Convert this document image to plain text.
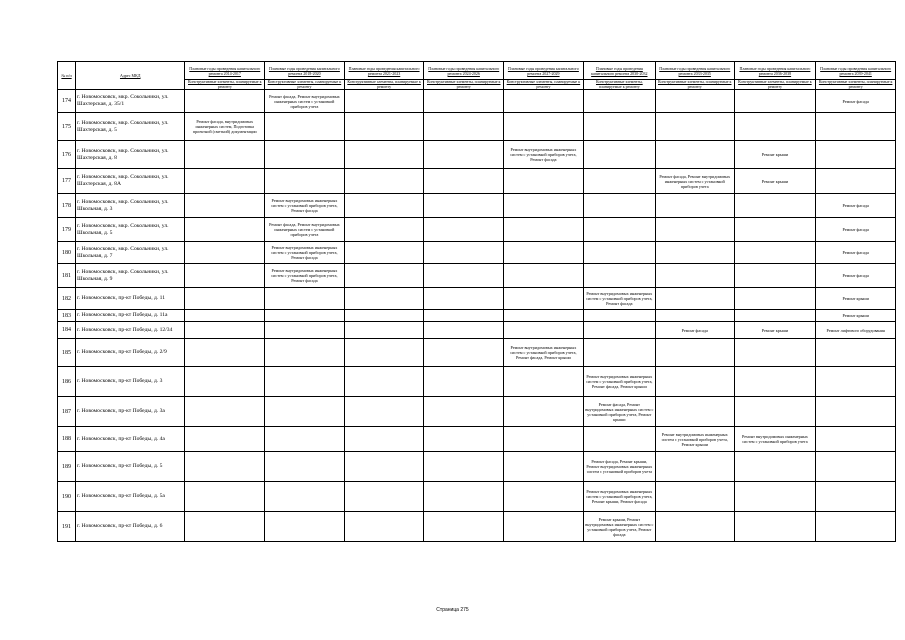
№ п/п	Адрес МКД	Плановые годы проведения капитального ремонта 2014-2017	Плановые годы проведения капитального ремонта 2018-2020	Плановые годы проведения капитального ремонта 2021-2023	Плановые годы проведения капитального ремонта 2024-2026	Плановые годы проведения капитального ремонта 2027-2029	Плановые годы проведения капитального ремонта 2030-2032	Плановые годы проведения капитального ремонта 2033-2035	Плановые годы проведения капитального ремонта 2036-2038	Плановые годы проведения капитального ремонта 2039-2041
		Конструктивные элементы, планируемые к ремонту	Конструктивные элементы, планируемые к ремонту	Конструктивные элементы, планируемые к ремонту	Конструктивные элементы, планируемые к ремонту	Конструктивные элементы, планируемые к ремонту	Конструктивные элементы, планируемые к ремонту	Конструктивные элементы, планируемые к ремонту	Конструктивные элементы, планируемые к ремонту	Конструктивные элементы, планируемые к ремонту
174	г. Новомосковск, мкр. Сокольники, ул. Шахтерская, д. 35/1		Ремонт фасада, Ремонт внутридомовых инженерных систем с установкой приборов учета							Ремонт фасада
175	г. Новомосковск, мкр. Сокольники, ул. Шахтерская, д. 5	Ремонт фасада, внутридомовых инженерных систем, Подготовка проектной (сметной) документации								
176	г. Новомосковск, мкр. Сокольники, ул. Шахтерская, д. 8					Ремонт внутридомовых инженерных систем с установкой приборов учета, Ремонт фасада			Ремонт крыши	
177	г. Новомосковск, мкр. Сокольники, ул. Шахтерская, д. 8А							Ремонт фасада, Ремонт внутридомовых инженерных систем с установкой приборов учета	Ремонт крыши	
178	г. Новомосковск, мкр. Сокольники, ул. Школьная, д. 3		Ремонт внутридомовых инженерных систем с установкой приборов учета, Ремонт фасада							Ремонт фасада
179	г. Новомосковск, мкр. Сокольники, ул. Школьная, д. 5		Ремонт фасада, Ремонт внутридомовых инженерных систем с установкой приборов учета							Ремонт фасада
180	г. Новомосковск, мкр. Сокольники, ул. Школьная, д. 7		Ремонт внутридомовых инженерных систем с установкой приборов учета, Ремонт фасада							Ремонт фасада
181	г. Новомосковск, мкр. Сокольники, ул. Школьная, д. 9		Ремонт внутридомовых инженерных систем с установкой приборов учета, Ремонт фасада							Ремонт фасада
182	г. Новомосковск, пр-кт Победы, д. 11						Ремонт внутридомовых инженерных систем с установкой приборов учета, Ремонт фасада			Ремонт крыши
183	г. Новомосковск, пр-кт Победы, д. 11а									Ремонт крыши
184	г. Новомосковск, пр-кт Победы, д. 12/34							Ремонт фасада	Ремонт крыши	Ремонт лифтового оборудования
185	г. Новомосковск, пр-кт Победы, д. 2/9					Ремонт внутридомовых инженерных систем с установкой приборов учета, Ремонт фасада, Ремонт крыши				
186	г. Новомосковск, пр-кт Победы, д. 3						Ремонт внутридомовых инженерных систем с установкой приборов учета, Ремонт фасада, Ремонт крыши			
187	г. Новомосковск, пр-кт Победы, д. 3а						Ремонт фасада, Ремонт внутридомовых инженерных систем с установкой приборов учета, Ремонт крыши			
188	г. Новомосковск, пр-кт Победы, д. 4а							Ремонт внутридомовых инженерных систем с установкой приборов учета, Ремонт крыши	Ремонт внутридомовых инженерных систем с установкой приборов учета	
189	г. Новомосковск, пр-кт Победы, д. 5						Ремонт фасада, Ремонт крыши, Ремонт внутридомовых инженерных систем с установкой приборов учета			
190	г. Новомосковск, пр-кт Победы, д. 5а						Ремонт внутридомовых инженерных систем с установкой приборов учета, Ремонт крыши, Ремонт фасада			
191	г. Новомосковск, пр-кт Победы, д. 6						Ремонт крыши, Ремонт внутридомовых инженерных систем с установкой приборов учета, Ремонт фасада			
Страница 275
